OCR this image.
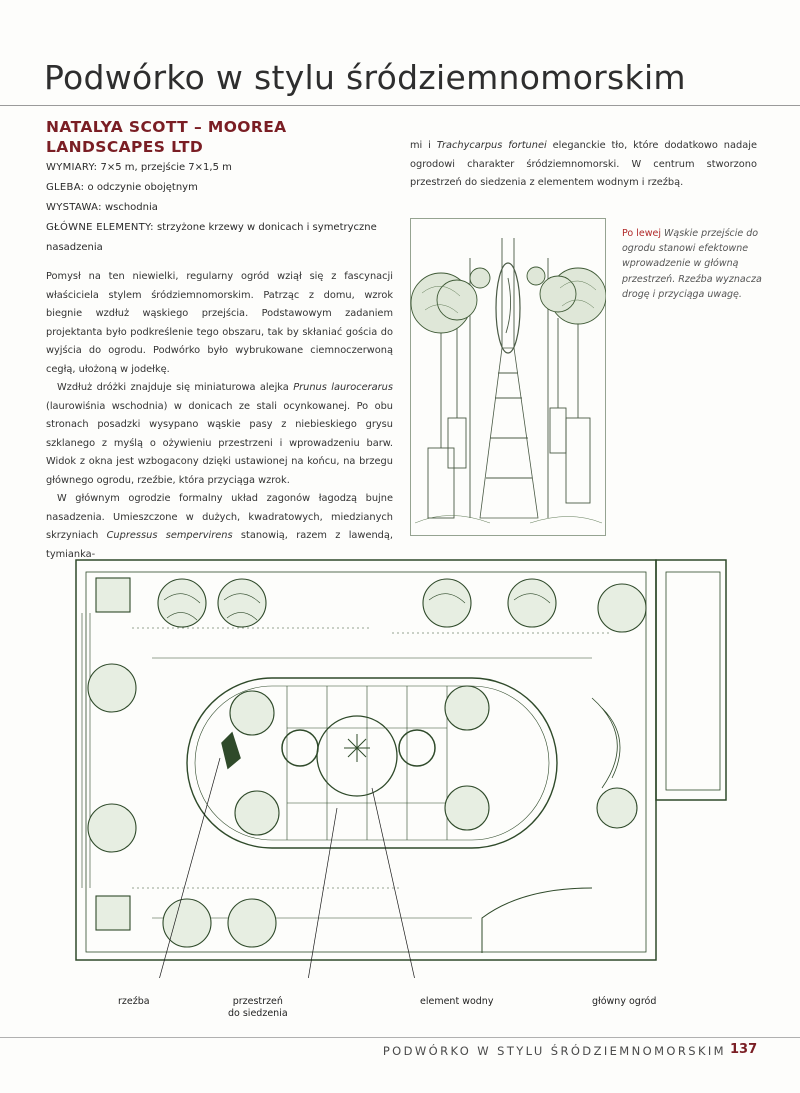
Podwórko w stylu śródziemnomorskim
NATALYA SCOTT – MOOREA
LANDSCAPES LTD
WYMIARY: 7×5 m, przejście 7×1,5 m
GLEBA: o odczynie obojętnym
WYSTAWA: wschodnia
GŁÓWNE ELEMENTY: strzyżone krzewy w donicach i symetryczne nasadzenia

Pomysł na ten niewielki, regularny ogród wziął się z fascynacji właściciela stylem śródziemnomorskim. Patrząc z domu, wzrok biegnie wzdłuż wąskiego przejścia. Podstawowym zadaniem projektanta było podkreślenie tego obszaru, tak by skłaniać gościa do wyjścia do ogrodu. Podwórko było wybrukowane ciemnoczerwoną cegłą, ułożoną w jodełkę.

Wzdłuż dróżki znajduje się miniaturowa alejka Prunus laurocerarus (laurowiśnia wschodnia) w donicach ze stali ocynkowanej. Po obu stronach posadzki wysypano wąskie pasy z niebieskiego grysu szklanego z myślą o ożywieniu przestrzeni i wprowadzeniu barw. Widok z okna jest wzbogacony dzięki ustawionej na końcu, na brzegu głównego ogrodu, rzeźbie, która przyciąga wzrok.

W głównym ogrodzie formalny układ zagonów łagodzą bujne nasadzenia. Umieszczone w dużych, kwadratowych, miedzianych skrzyniach Cupressus sempervirens stanowią, razem z lawendą, tymianka-

mi i Trachycarpus fortunei eleganckie tło, które dodatkowo nadaje ogrodowi charakter śródziemnomorski. W centrum stworzono przestrzeń do siedzenia z elementem wodnym i rzeźbą.

Po lewej Wąskie przejście do ogrodu stanowi efektowne wprowadzenie w główną przestrzeń. Rzeźba wyznacza drogę i przyciąga uwagę.
rzeźba	przestrzeń
do siedzenia
element wodny	główny ogród
PODWÓRKO W STYLU ŚRÓDZIEMNOMORSKIM 137
